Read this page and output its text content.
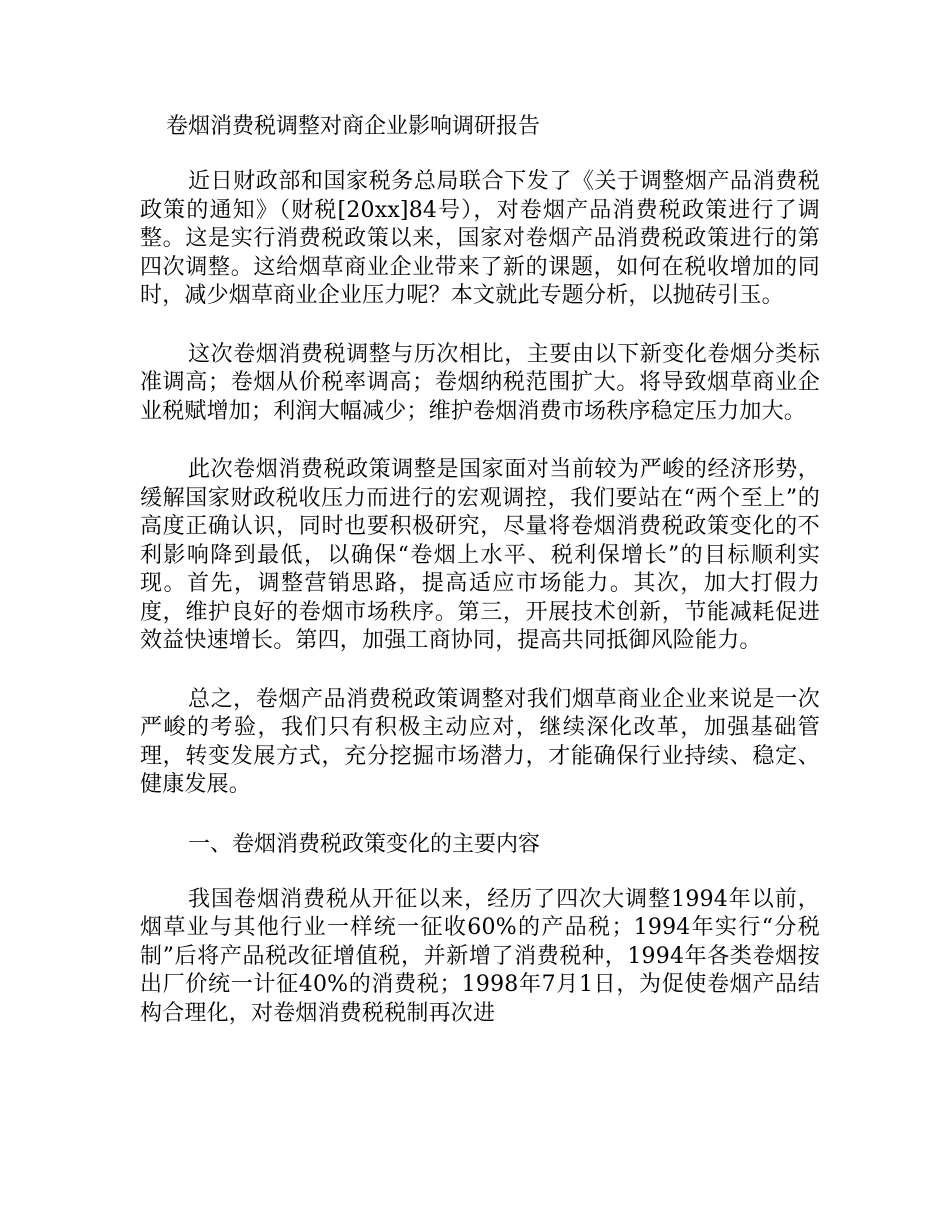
卷烟消费税调整对商企业影响调研报告

近日财政部和国家税务总局联合下发了《关于调整烟产品消费税政策的通知》（财税[20xx]84号），对卷烟产品消费税政策进行了调整。这是实行消费税政策以来，国家对卷烟产品消费税政策进行的第四次调整。这给烟草商业企业带来了新的课题，如何在税收增加的同时，减少烟草商业企业压力呢？本文就此专题分析，以抛砖引玉。

这次卷烟消费税调整与历次相比，主要由以下新变化卷烟分类标准调高；卷烟从价税率调高；卷烟纳税范围扩大。将导致烟草商业企业税赋增加；利润大幅减少；维护卷烟消费市场秩序稳定压力加大。

此次卷烟消费税政策调整是国家面对当前较为严峻的经济形势，缓解国家财政税收压力而进行的宏观调控，我们要站在“两个至上”的高度正确认识，同时也要积极研究，尽量将卷烟消费税政策变化的不利影响降到最低，以确保“卷烟上水平、税利保增长”的目标顺利实现。首先，调整营销思路，提高适应市场能力。其次，加大打假力度，维护良好的卷烟市场秩序。第三，开展技术创新，节能减耗促进效益快速增长。第四，加强工商协同，提高共同抵御风险能力。

总之，卷烟产品消费税政策调整对我们烟草商业企业来说是一次严峻的考验，我们只有积极主动应对，继续深化改革，加强基础管理，转变发展方式，充分挖掘市场潜力，才能确保行业持续、稳定、健康发展。

一、卷烟消费税政策变化的主要内容

我国卷烟消费税从开征以来，经历了四次大调整1994年以前，烟草业与其他行业一样统一征收60%的产品税；1994年实行“分税制”后将产品税改征增值税，并新增了消费税种，1994年各类卷烟按出厂价统一计征40%的消费税；1998年7月1日，为促使卷烟产品结构合理化，对卷烟消费税税制再次进
